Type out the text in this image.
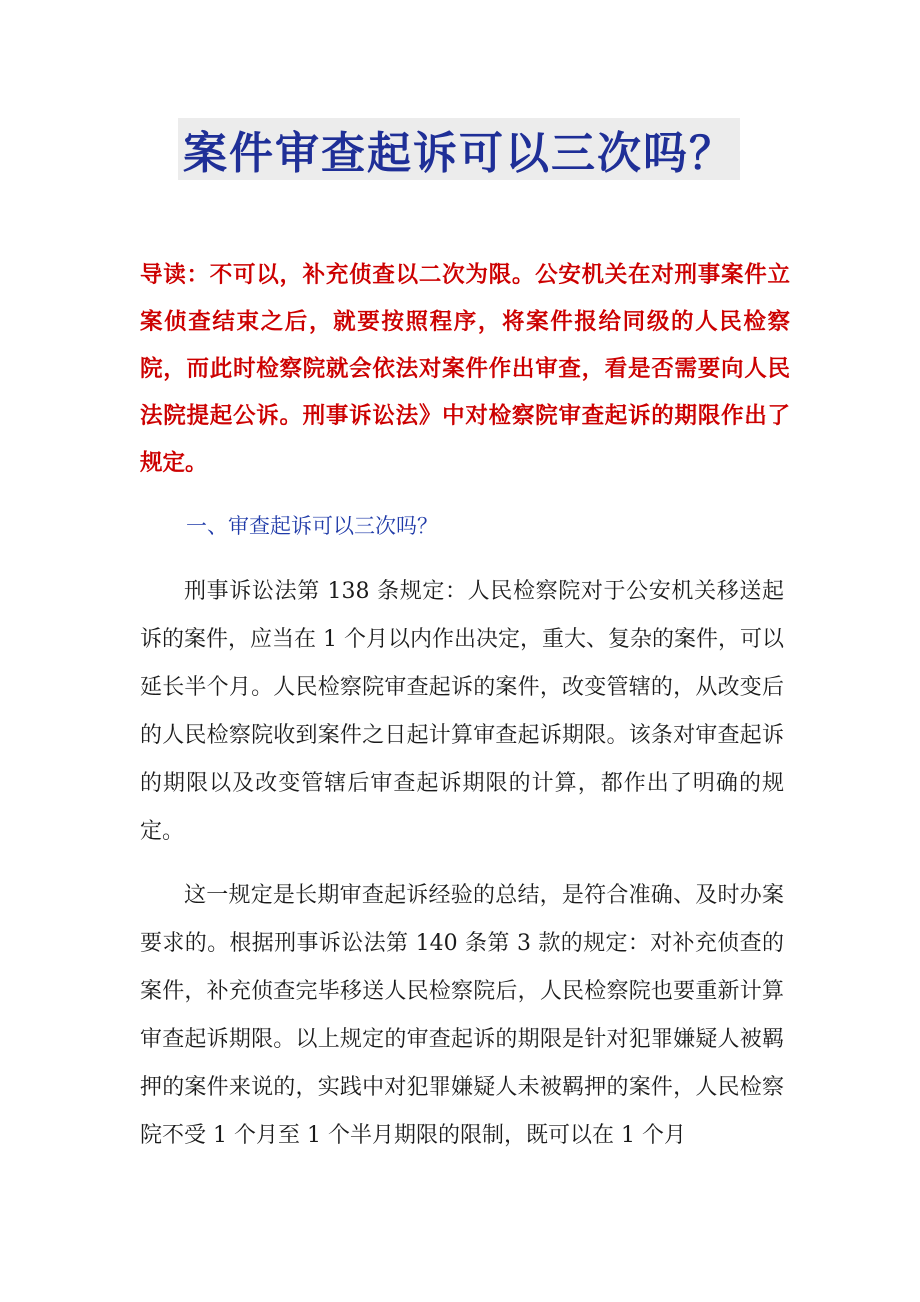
案件审查起诉可以三次吗？

导读：不可以，补充侦查以二次为限。公安机关在对刑事案件立案侦查结束之后，就要按照程序，将案件报给同级的人民检察院，而此时检察院就会依法对案件作出审查，看是否需要向人民法院提起公诉。刑事诉讼法》中对检察院审查起诉的期限作出了规定。

一、审查起诉可以三次吗？

刑事诉讼法第 138 条规定：人民检察院对于公安机关移送起诉的案件，应当在 1 个月以内作出决定，重大、复杂的案件，可以延长半个月。人民检察院审查起诉的案件，改变管辖的，从改变后的人民检察院收到案件之日起计算审查起诉期限。该条对审查起诉的期限以及改变管辖后审查起诉期限的计算，都作出了明确的规定。

这一规定是长期审查起诉经验的总结，是符合准确、及时办案要求的。根据刑事诉讼法第 140 条第 3 款的规定：对补充侦查的案件，补充侦查完毕移送人民检察院后，人民检察院也要重新计算审查起诉期限。以上规定的审查起诉的期限是针对犯罪嫌疑人被羁押的案件来说的，实践中对犯罪嫌疑人未被羁押的案件，人民检察院不受 1 个月至 1 个半月期限的限制，既可以在 1 个月
